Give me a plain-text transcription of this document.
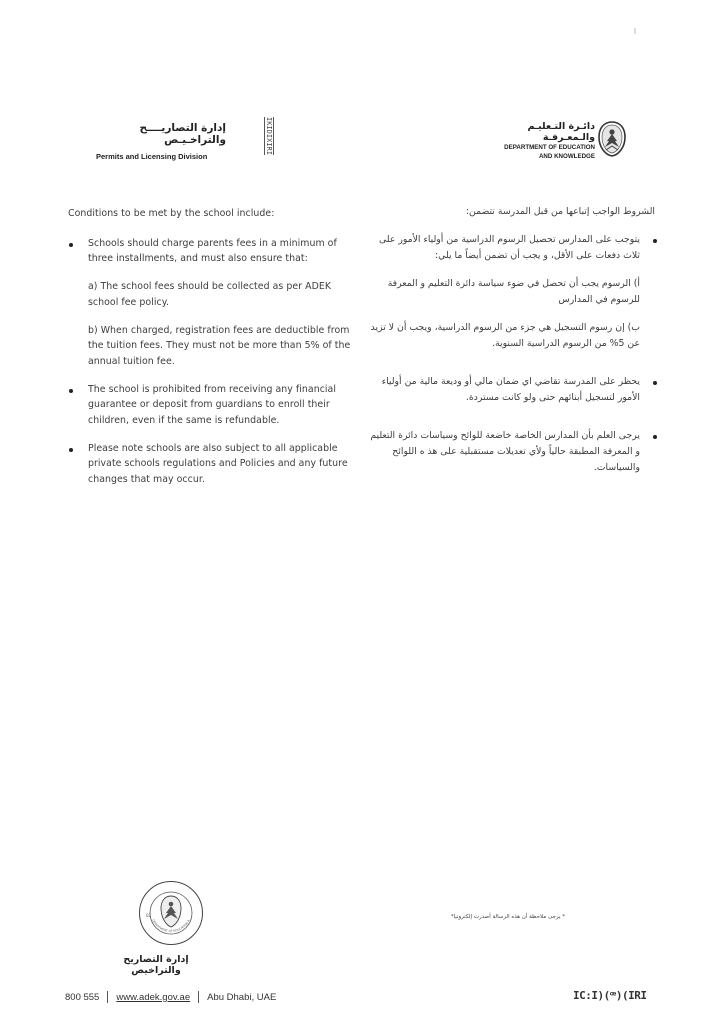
إدارة التصاريــــح والتراخـيـص
Permits and Licensing Division
IKIDIXIRI	دائـرة التـعليـم والـمعـرفـة
DEPARTMENT OF EDUCATION
AND KNOWLEDGE
Conditions to be met by the school include:
Schools should charge parents fees in a minimum of three installments, and must also ensure that:
a) The school fees should be collected as per ADEK school fee policy.
b) When charged, registration fees are deductible from the tuition fees. They must not be more than 5% of the annual tuition fee.
The school is prohibited from receiving any financial guarantee or deposit from guardians to enroll their children, even if the same is refundable.
Please note schools are also subject to all applicable private schools regulations and Policies and any future changes that may occur.
الشروط الواجب إتباعها من قبل المدرسة تتضمن:
يتوجب على المدارس تحصيل الرسوم الدراسية من أولياء الأمور على ثلاث دفعات على الأقل، و يجب أن تضمن أيضاً ما يلي:
أ) الرسوم يجب أن تحصل في ضوء سياسة دائرة التعليم و المعرفة للرسوم في المدارس
ب) إن رسوم التسجيل هي جزء من الرسوم الدراسية، ويجب أن لا تزيد عن 5% من الرسوم الدراسية السنوية.
يحظر على المدرسة تقاضي اي ضمان مالي أو وديعة مالية من أولياء الأمور لتسجيل أبنائهم حتى ولو كانت مستردة.
يرجى العلم بأن المدارس الخاصة خاضعة للوائح وسياسات دائرة التعليم و المعرفة المطبقة حالياً ولأي تعديلات مستقبلية على هذ ه اللوائح والسياسات.
02
DEPARTMENT OF EDUCATION A
إدارة التصاريح والتراخيص
* يرجى ملاحظة أن هذه الرسالة أصدرت إلكترونيا*
800 555 www.adek.gov.ae Abu Dhabi, UAE	IC:I)(ꟹ)(IRI
